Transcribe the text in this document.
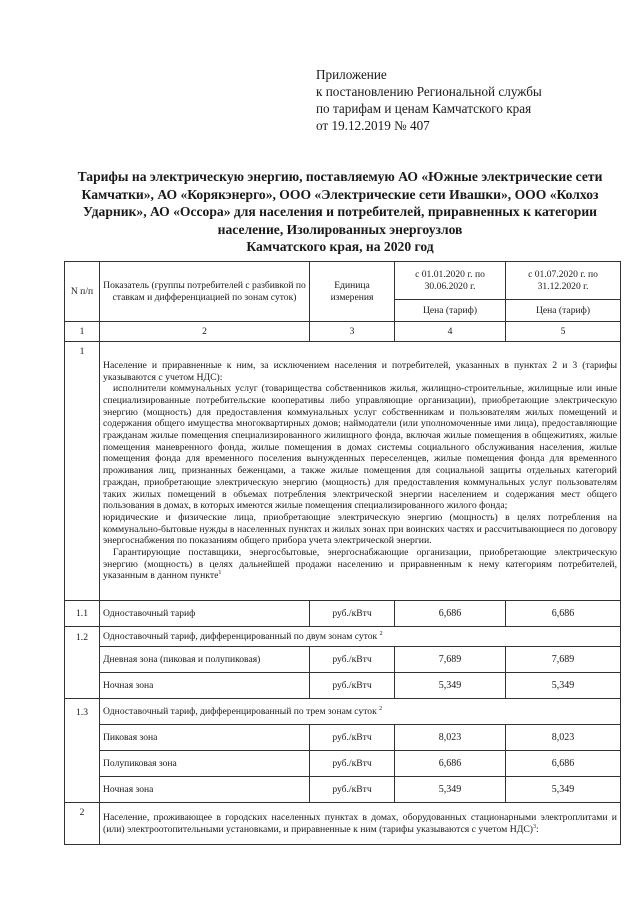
Приложение
к постановлению Региональной службы
по тарифам и ценам Камчатского края
от 19.12.2019 № 407
Тарифы на электрическую энергию, поставляемую АО «Южные электрические сети
Камчатки», АО «Корякэнерго», ООО «Электрические сети Ивашки», ООО «Колхоз
Ударник», АО «Оссора» для населения и потребителей, приравненных к категории
население, Изолированных энергоузлов
Камчатского края, на 2020 год
N п/п	Показатель (группы потребителей с разбивкой по ставкам и дифференциацией по зонам суток)	Единица измерения	с 01.01.2020 г. по 30.06.2020 г.	с 01.07.2020 г. по 31.12.2020 г.
			Цена (тариф)	Цена (тариф)
1	2	3	4	5
1	Население и приравненные к ним, за исключением населения и потребителей, указанных в пунктах 2 и 3 (тарифы указываются с учетом НДС):

исполнители коммунальных услуг (товарищества собственников жилья, жилищно-строительные, жилищные или иные специализированные потребительские кооперативы либо управляющие организации), приобретающие электрическую энергию (мощность) для предоставления коммунальных услуг собственникам и пользователям жилых помещений и содержания общего имущества многоквартирных домов; наймодатели (или уполномоченные ими лица), предоставляющие гражданам жилые помещения специализированного жилищного фонда, включая жилые помещения в общежитиях, жилые помещения маневренного фонда, жилые помещения в домах системы социального обслуживания населения, жилые помещения фонда для временного поселения вынужденных переселенцев, жилые помещения фонда для временного проживания лиц, признанных беженцами, а также жилые помещения для социальной защиты отдельных категорий граждан, приобретающие электрическую энергию (мощность) для предоставления коммунальных услуг пользователям таких жилых помещений в объемах потребления электрической энергии населением и содержания мест общего пользования в домах, в которых имеются жилые помещения специализированного жилого фонда;

юридические и физические лица, приобретающие электрическую энергию (мощность) в целях потребления на коммунально-бытовые нужды в населенных пунктах и жилых зонах при воинских частях и рассчитывающиеся по договору энергоснабжения по показаниям общего прибора учета электрической энергии.

Гарантирующие поставщики, энергосбытовые, энергоснабжающие организации, приобретающие электрическую энергию (мощность) в целях дальнейшей продажи населению и приравненным к нему категориям потребителей, указанным в данном пункте$^1$

1.1	Одноставочный тариф	руб./кВтч	6,686	6,686
1.2	Одноставочный тариф, дифференцированный по двум зонам суток $^2$
	Дневная зона (пиковая и полупиковая)	руб./кВтч	7,689	7,689
	Ночная зона	руб./кВтч	5,349	5,349
1.3	Одноставочный тариф, дифференцированный по трем зонам суток $^2$
	Пиковая зона	руб./кВтч	8,023	8,023
	Полупиковая зона	руб./кВтч	6,686	6,686
	Ночная зона	руб./кВтч	5,349	5,349
2	Население, проживающее в городских населенных пунктах в домах, оборудованных стационарными электроплитами и (или) электроотопительными установками, и приравненные к ним (тарифы указываются с учетом НДС)$^3$:			
